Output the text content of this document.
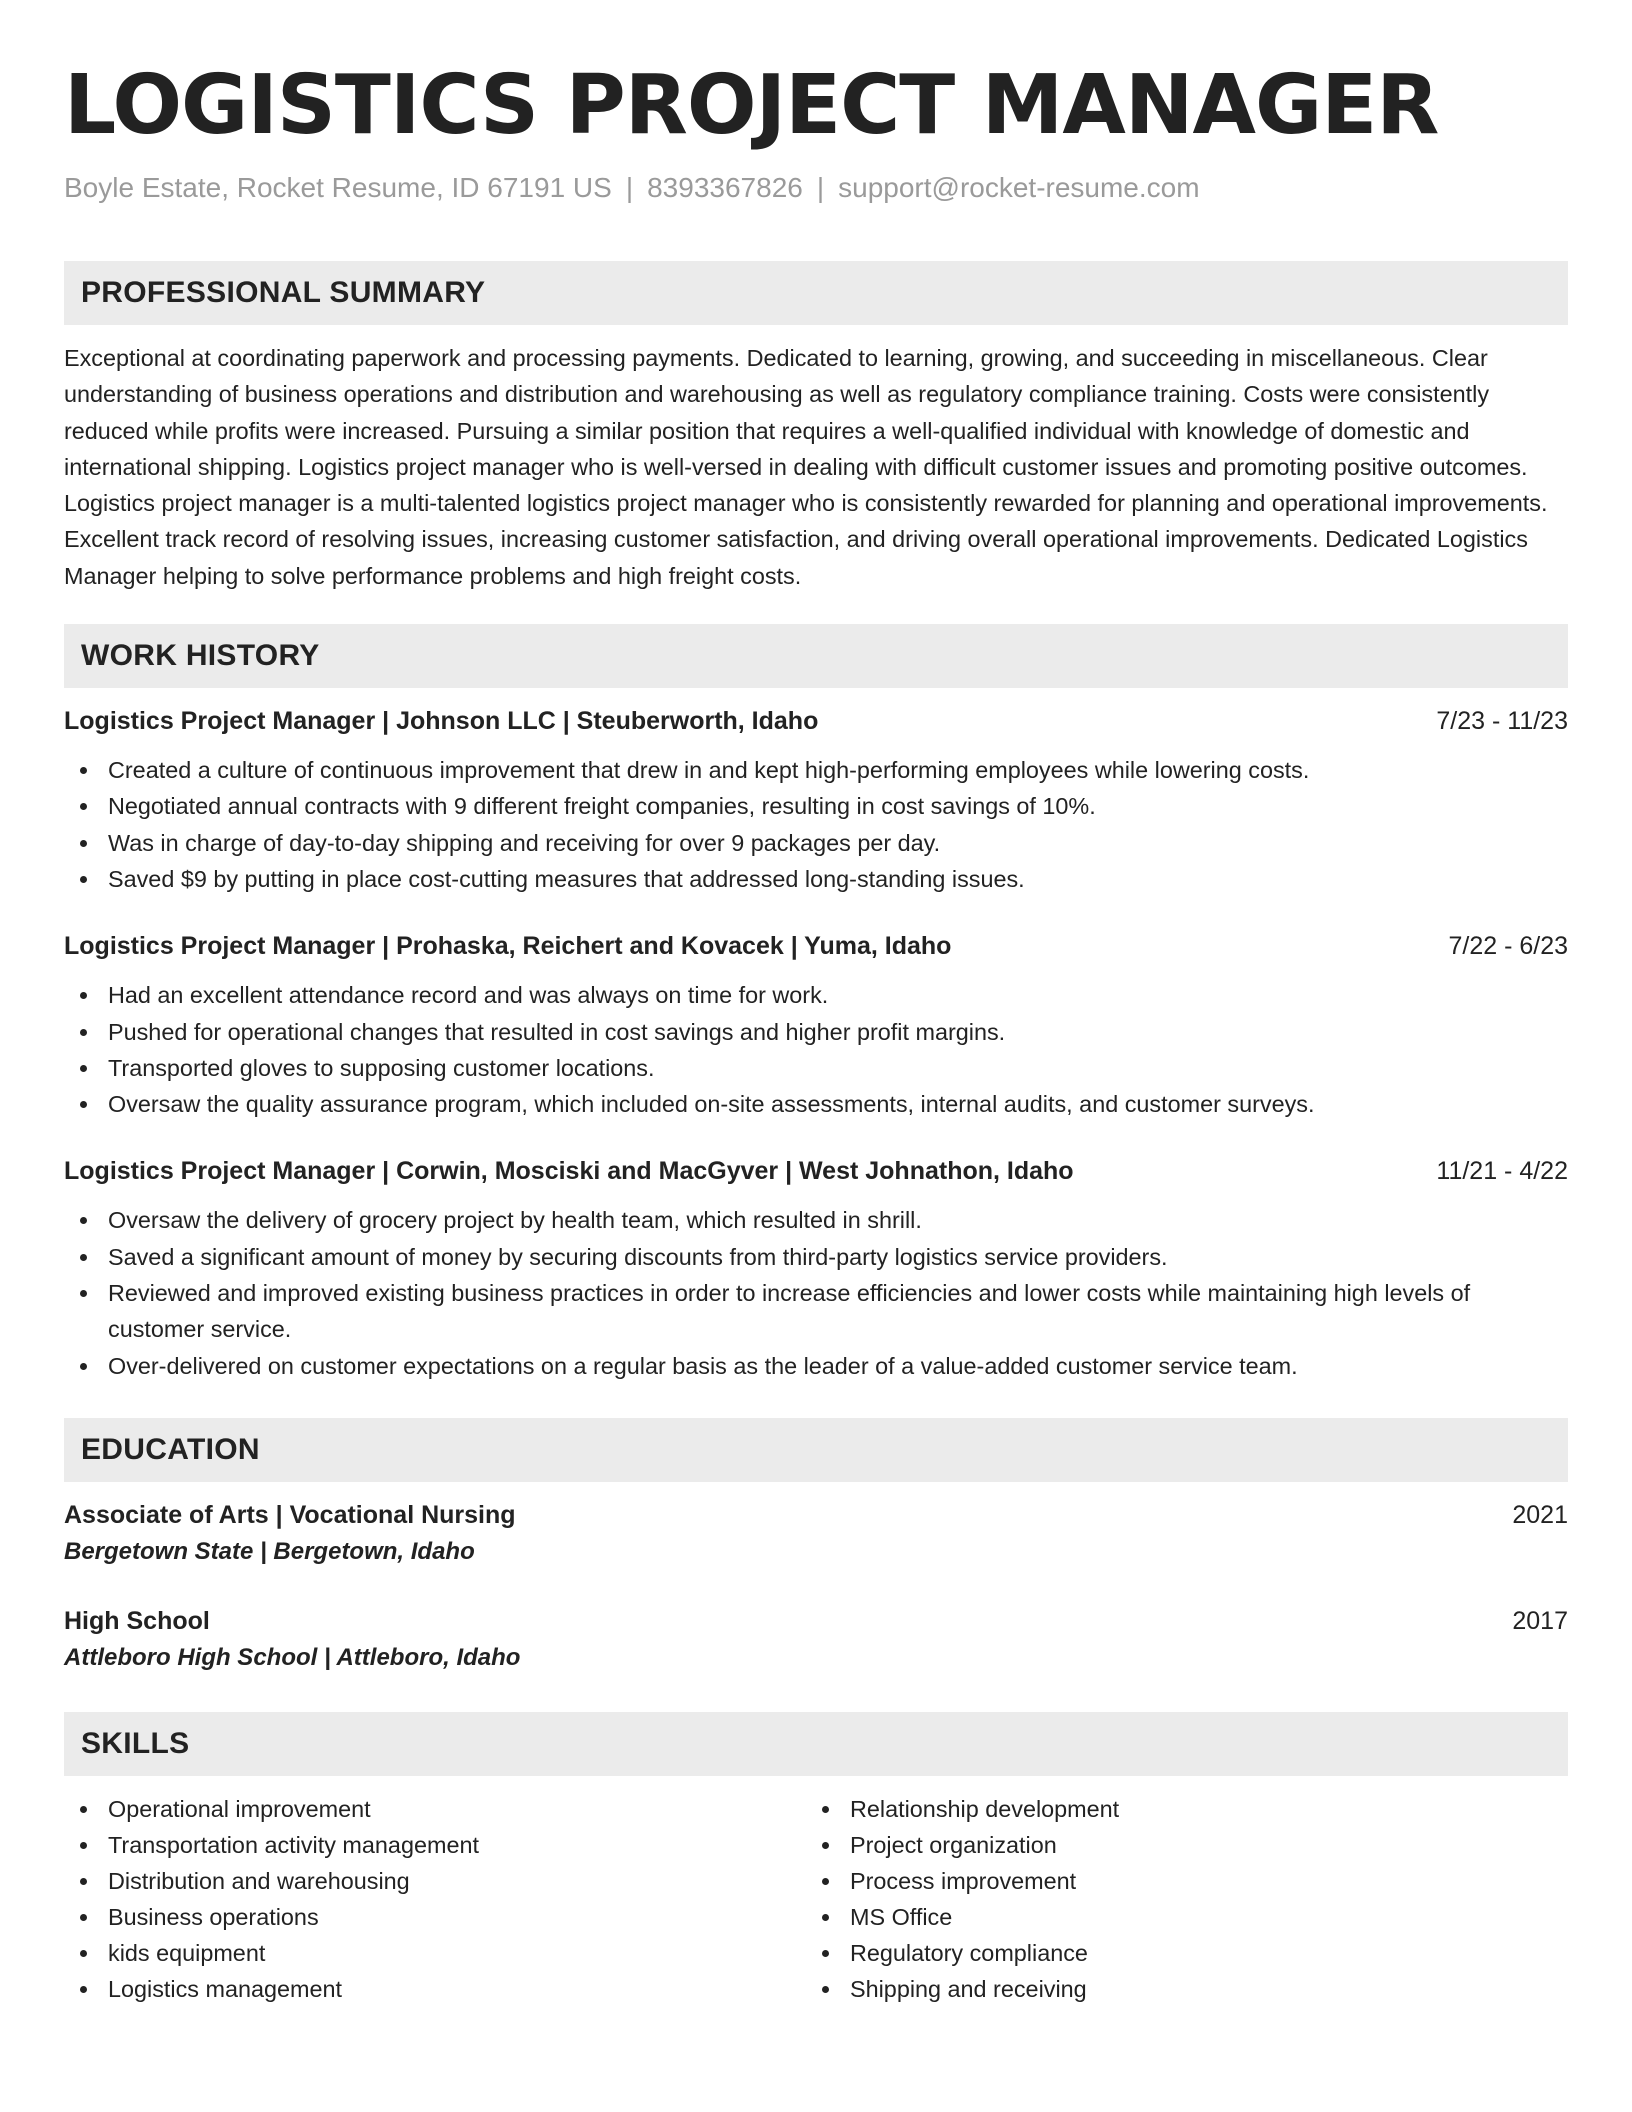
LOGISTICS PROJECT MANAGER
Boyle Estate, Rocket Resume, ID 67191 US | 8393367826 | support@rocket-resume.com
PROFESSIONAL SUMMARY

Exceptional at coordinating paperwork and processing payments. Dedicated to learning, growing, and succeeding in miscellaneous. Clear understanding of business operations and distribution and warehousing as well as regulatory compliance training. Costs were consistently reduced while profits were increased. Pursuing a similar position that requires a well-qualified individual with knowledge of domestic and international shipping. Logistics project manager who is well-versed in dealing with difficult customer issues and promoting positive outcomes. Logistics project manager is a multi-talented logistics project manager who is consistently rewarded for planning and operational improvements. Excellent track record of resolving issues, increasing customer satisfaction, and driving overall operational improvements. Dedicated Logistics Manager helping to solve performance problems and high freight costs.

WORK HISTORY
Logistics Project Manager | Johnson LLC | Steuberworth, Idaho	7/23 - 11/23
Created a culture of continuous improvement that drew in and kept high-performing employees while lowering costs.
Negotiated annual contracts with 9 different freight companies, resulting in cost savings of 10%.
Was in charge of day-to-day shipping and receiving for over 9 packages per day.
Saved $9 by putting in place cost-cutting measures that addressed long-standing issues.
Logistics Project Manager | Prohaska, Reichert and Kovacek | Yuma, Idaho	7/22 - 6/23
Had an excellent attendance record and was always on time for work.
Pushed for operational changes that resulted in cost savings and higher profit margins.
Transported gloves to supposing customer locations.
Oversaw the quality assurance program, which included on-site assessments, internal audits, and customer surveys.
Logistics Project Manager | Corwin, Mosciski and MacGyver | West Johnathon, Idaho	11/21 - 4/22
Oversaw the delivery of grocery project by health team, which resulted in shrill.
Saved a significant amount of money by securing discounts from third-party logistics service providers.
Reviewed and improved existing business practices in order to increase efficiencies and lower costs while maintaining high levels of customer service.
Over-delivered on customer expectations on a regular basis as the leader of a value-added customer service team.
EDUCATION
Associate of Arts | Vocational Nursing	2021
Bergetown State | Bergetown, Idaho
High School	2017
Attleboro High School | Attleboro, Idaho
SKILLS
Operational improvement
Transportation activity management
Distribution and warehousing
Business operations
kids equipment
Logistics management
Relationship development
Project organization
Process improvement
MS Office
Regulatory compliance
Shipping and receiving
